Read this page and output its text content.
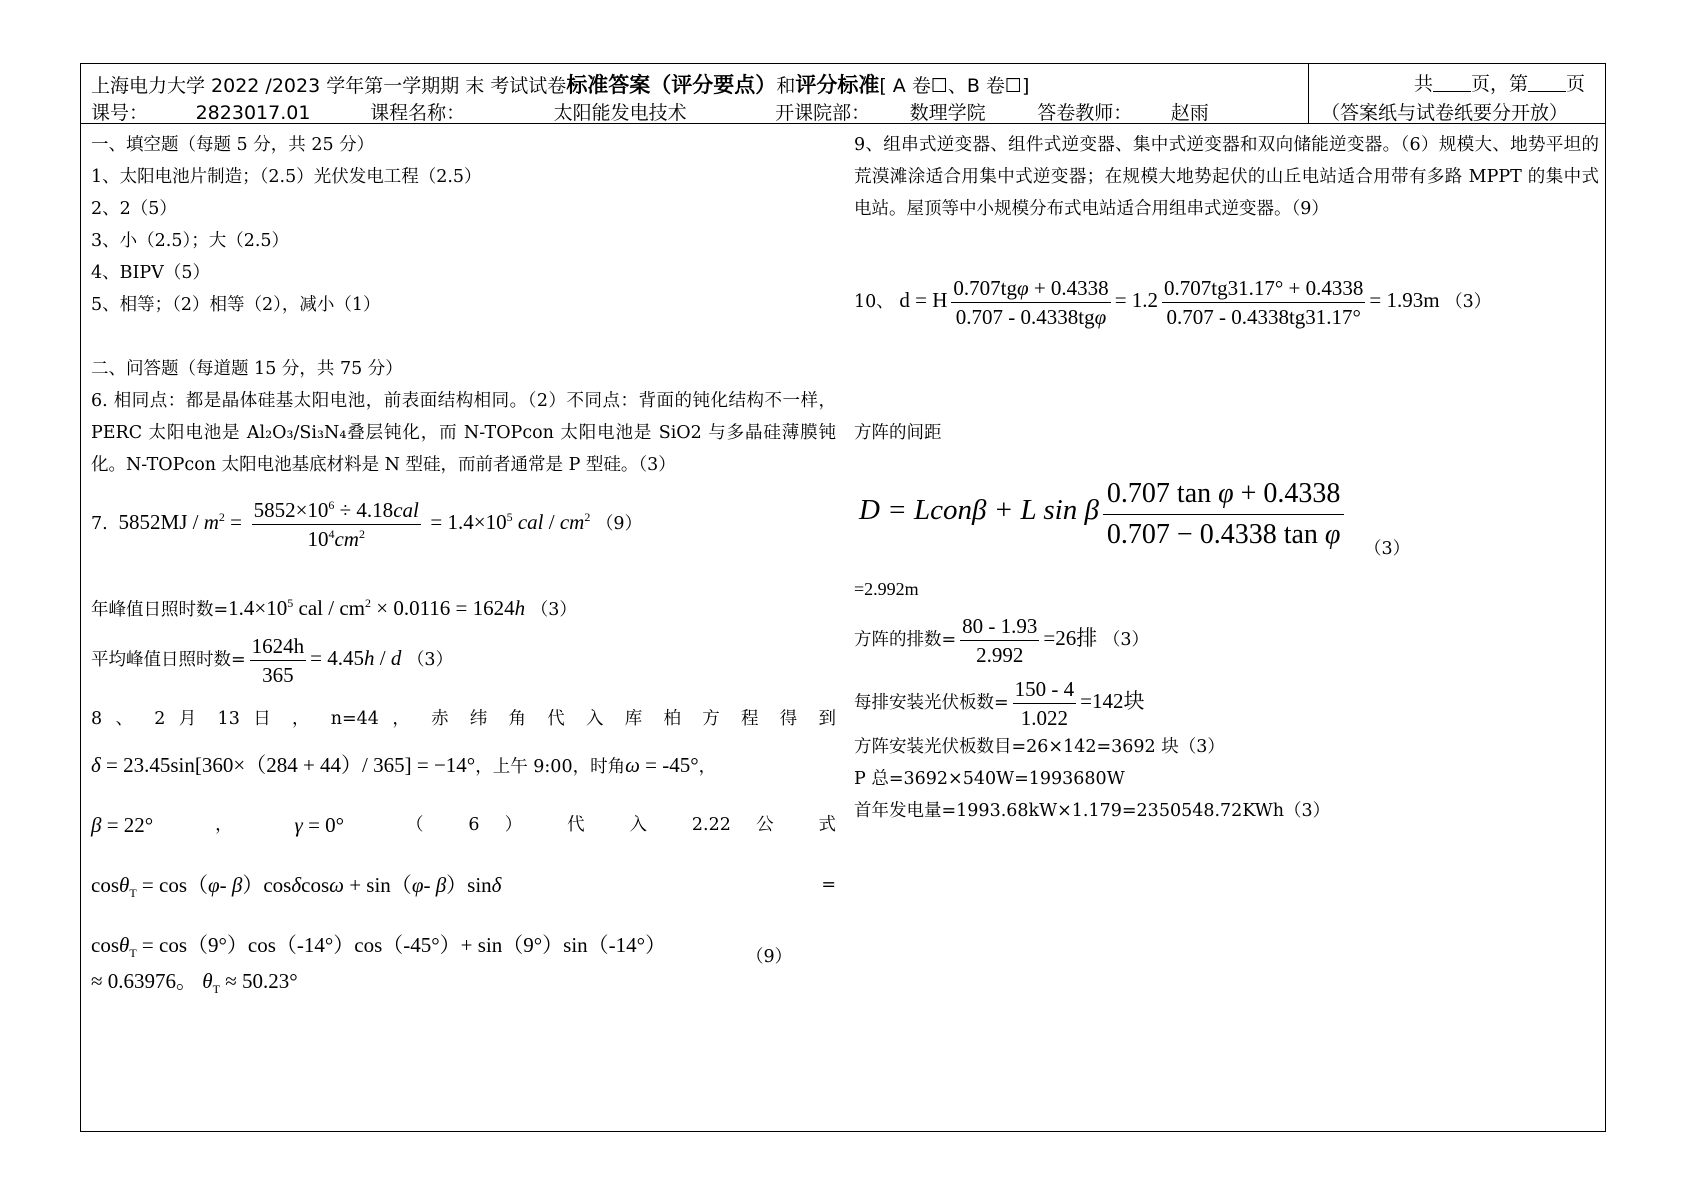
上海电力大学 2022 /2023 学年第一学期期 末 考试试卷标准答案（评分要点）和评分标准[ A 卷☐、B 卷☐]
课号：	2823017.01	课程名称：	太阳能发电技术	开课院部： 数理学院	答卷教师： 赵雨
共 页，第 页
（答案纸与试卷纸要分开放）
一、填空题（每题 5 分，共 25 分）
1、太阳电池片制造；（2.5）光伏发电工程（2.5）
2、2（5）
3、小（2.5）；大（2.5）
4、BIPV（5）
5、相等；（2）相等（2），减小（1）
二、问答题（每道题 15 分，共 75 分）
6. 相同点：都是晶体硅基太阳电池，前表面结构相同。（2）不同点：背面的钝化结构不一样，PERC 太阳电池是 Al₂O₃/Si₃N₄叠层钝化，而 N-TOPcon 太阳电池是 SiO2 与多晶硅薄膜钝化。N-TOPcon 太阳电池基底材料是 N 型硅，而前者通常是 P 型硅。（3）
7.  $5852MJ / m^2 = \frac{5852\times 10^6 \div 4.18cal}{10^4cm^2} = 1.4\times 10^5$ cal / $cm^2$ （9）
年峰值日照时数$=1.4\times 10^5$ cal / $cm^2 \times 0.0116 = 1624h$ （3）
平均峰值日照时数= $\frac{1624h}{365} = 4.45h / d$ （3）
8 、 2 月 13 日 ， n=44 ， 赤 纬 角 代 入 库 柏 方 程 得 到
δ = 23.45sin[360×（284 + 44）/ 365] = −14°，上午 9:00，时角ω = -45°，
β = 22°	，	γ = 0°	（ 6 ） 代 入 2.22 公 式
cosθ$_T$ = cos（φ- β）cosδcosω + sin（φ- β）sinδ	=
cosθ$_T$ = cos（9°）cos（-14°）cos（-45°）+ sin（9°）sin（-14°）	（9）
≈ 0.63976。 $\theta_T \approx 50.23^\circ$
9、组串式逆变器、组件式逆变器、集中式逆变器和双向储能逆变器。（6）规模大、地势平坦的荒漠滩涂适合用集中式逆变器；在规模大地势起伏的山丘电站适合用带有多路 MPPT 的集中式电站。屋顶等中小规模分布式电站适合用组串式逆变器。（9）
10、 d = H $\frac{\text{0.707tgφ + 0.4338}}{\text{0.707 - 0.4338tgφ}} = 1.2 \frac{0.707tg31.17^\circ + 0.4338}{0.707 - 0.4338tg31.17^\circ} = 1.93m$ （3）
方阵的间距
D = Lconβ + L sin β $\frac{\text{0.707 tan φ + 0.4338}}{\text{0.707 − 0.4338 tan φ}} (3)$
=2.992m
方阵的排数= $\frac{80 - 1.93}{2.992} =26$排 （3）
每排安装光伏板数= $\frac{150 - 4}{1.022} =142$块
方阵安装光伏板数目=26×142=3692 块（3）
P 总=3692×540W=1993680W
首年发电量=1993.68kW×1.179=2350548.72KWh（3）
